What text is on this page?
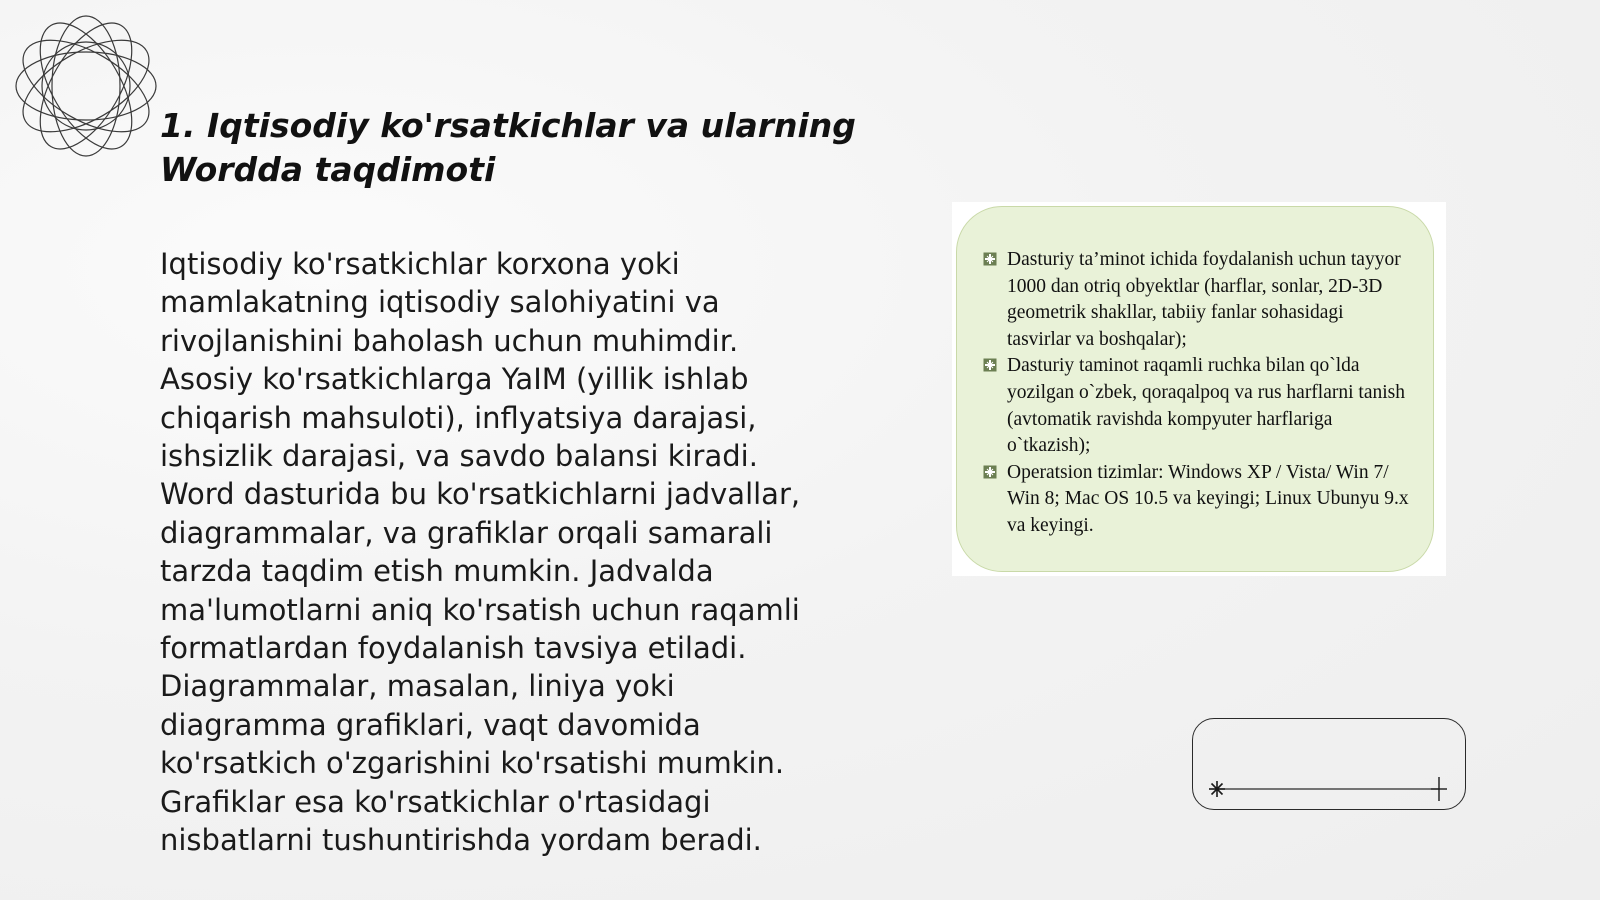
1. Iqtisodiy ko'rsatkichlar va ularning Wordda taqdimoti

Iqtisodiy ko'rsatkichlar korxona yoki mamlakatning iqtisodiy salohiyatini va rivojlanishini baholash uchun muhimdir. Asosiy ko'rsatkichlarga YaIM (yillik ishlab chiqarish mahsuloti), inflyatsiya darajasi, ishsizlik darajasi, va savdo balansi kiradi. Word dasturida bu ko'rsatkichlarni jadvallar, diagrammalar, va grafiklar orqali samarali tarzda taqdim etish mumkin. Jadvalda ma'lumotlarni aniq ko'rsatish uchun raqamli formatlardan foydalanish tavsiya etiladi. Diagrammalar, masalan, liniya yoki diagramma grafiklari, vaqt davomida ko'rsatkich o'zgarishini ko'rsatishi mumkin. Grafiklar esa ko'rsatkichlar o'rtasidagi nisbatlarni tushuntirishda yordam beradi.

Dasturiy ta’minot ichida foydalanish uchun tayyor 1000 dan otriq obyektlar (harflar, sonlar, 2D-3D geometrik shakllar, tabiiy fanlar sohasidagi tasvirlar va boshqalar);
Dasturiy taminot raqamli ruchka bilan qo`lda yozilgan o`zbek, qoraqalpoq va rus harflarni tanish (avtomatik ravishda kompyuter harflariga o`tkazish);
Operatsion tizimlar: Windows XP / Vista/ Win 7/ Win 8; Mac OS 10.5 va keyingi; Linux Ubunyu 9.x va keyingi.
